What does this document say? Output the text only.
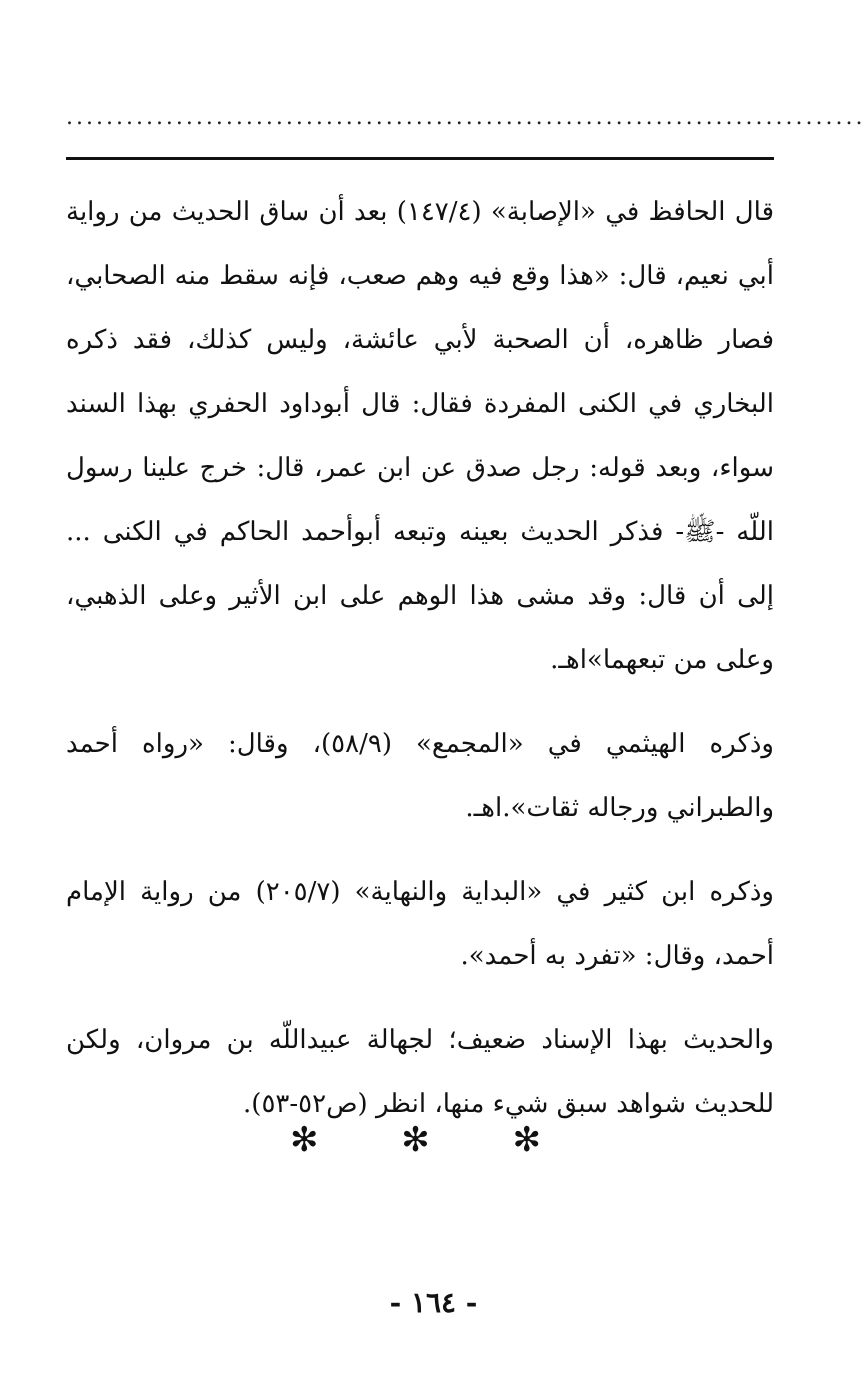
................................................................................

قال الحافظ في «الإصابة» (١٤٧/٤) بعد أن ساق الحديث من رواية أبي نعيم، قال: «هذا وقع فيه وهم صعب، فإنه سقط منه الصحابي، فصار ظاهره، أن الصحبة لأبي عائشة، وليس كذلك، فقد ذكره البخاري في الكنى المفردة فقال: قال أبوداود الحفري بهذا السند سواء، وبعد قوله: رجل صدق عن ابن عمر، قال: خرج علينا رسول اللّه -ﷺ- فذكر الحديث بعينه وتبعه أبوأحمد الحاكم في الكنى ... إلى أن قال: وقد مشى هذا الوهم على ابن الأثير وعلى الذهبي، وعلى من تبعهما»اهـ.

وذكره الهيثمي في «المجمع» (٥٨/٩)، وقال: «رواه أحمد والطبراني ورجاله ثقات».اهـ.

وذكره ابن كثير في «البداية والنهاية» (٢٠٥/٧) من رواية الإمام أحمد، وقال: «تفرد به أحمد».

والحديث بهذا الإسناد ضعيف؛ لجهالة عبيداللّه بن مروان، ولكن للحديث شواهد سبق شيء منها، انظر (ص٥٢-٥٣).

✻ ✻ ✻
- ١٦٤ -
